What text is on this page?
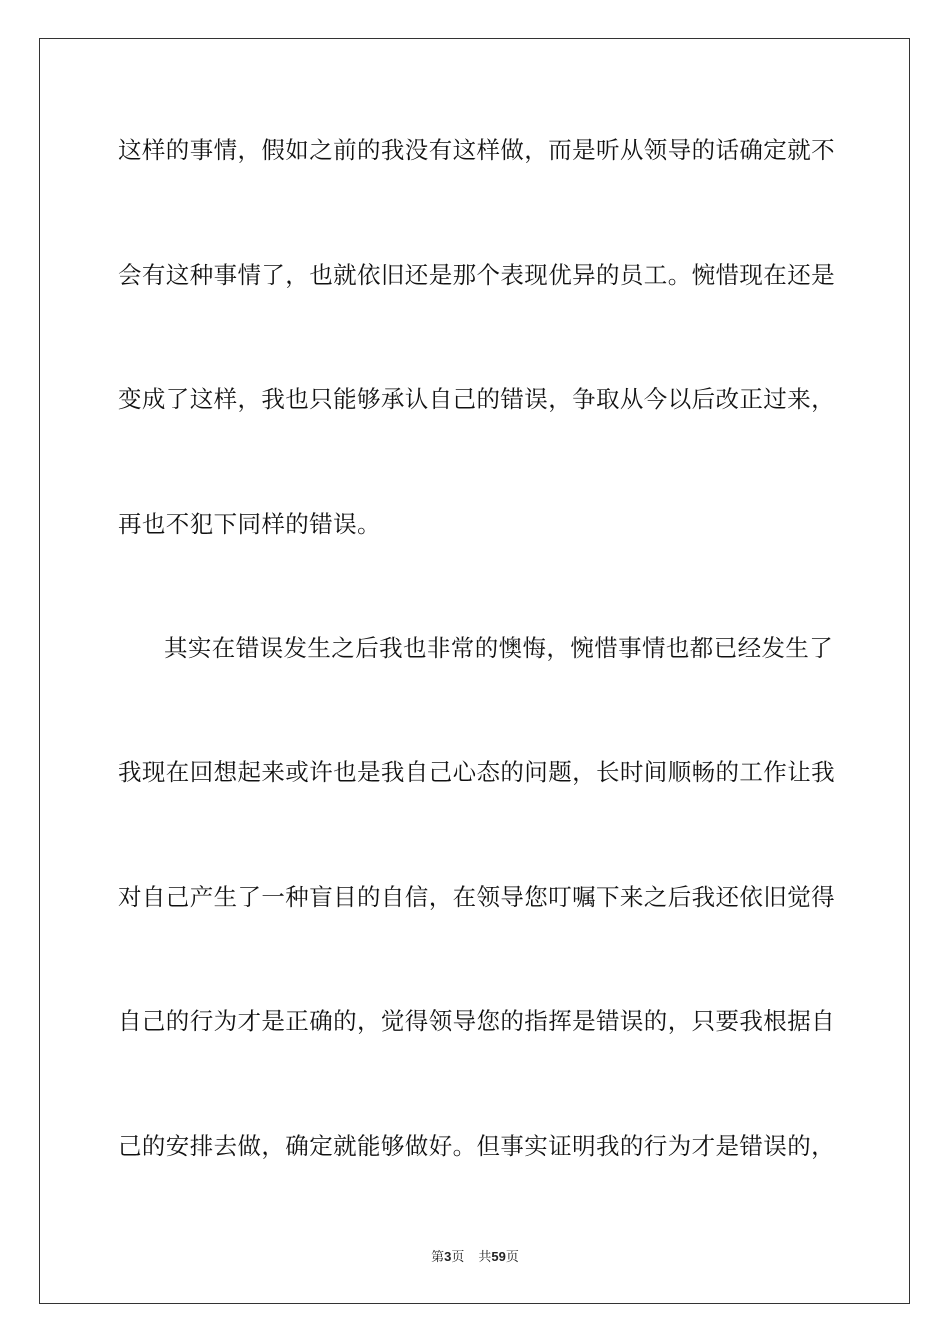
这样的事情，假如之前的我没有这样做，而是听从领导的话确定就不
会有这种事情了，也就依旧还是那个表现优异的员工。惋惜现在还是
变成了这样，我也只能够承认自己的错误，争取从今以后改正过来，
再也不犯下同样的错误。
其实在错误发生之后我也非常的懊悔，惋惜事情也都已经发生了
我现在回想起来或许也是我自己心态的问题，长时间顺畅的工作让我
对自己产生了一种盲目的自信，在领导您叮嘱下来之后我还依旧觉得
自己的行为才是正确的，觉得领导您的指挥是错误的，只要我根据自
己的安排去做，确定就能够做好。但事实证明我的行为才是错误的，
第3页 共59页
